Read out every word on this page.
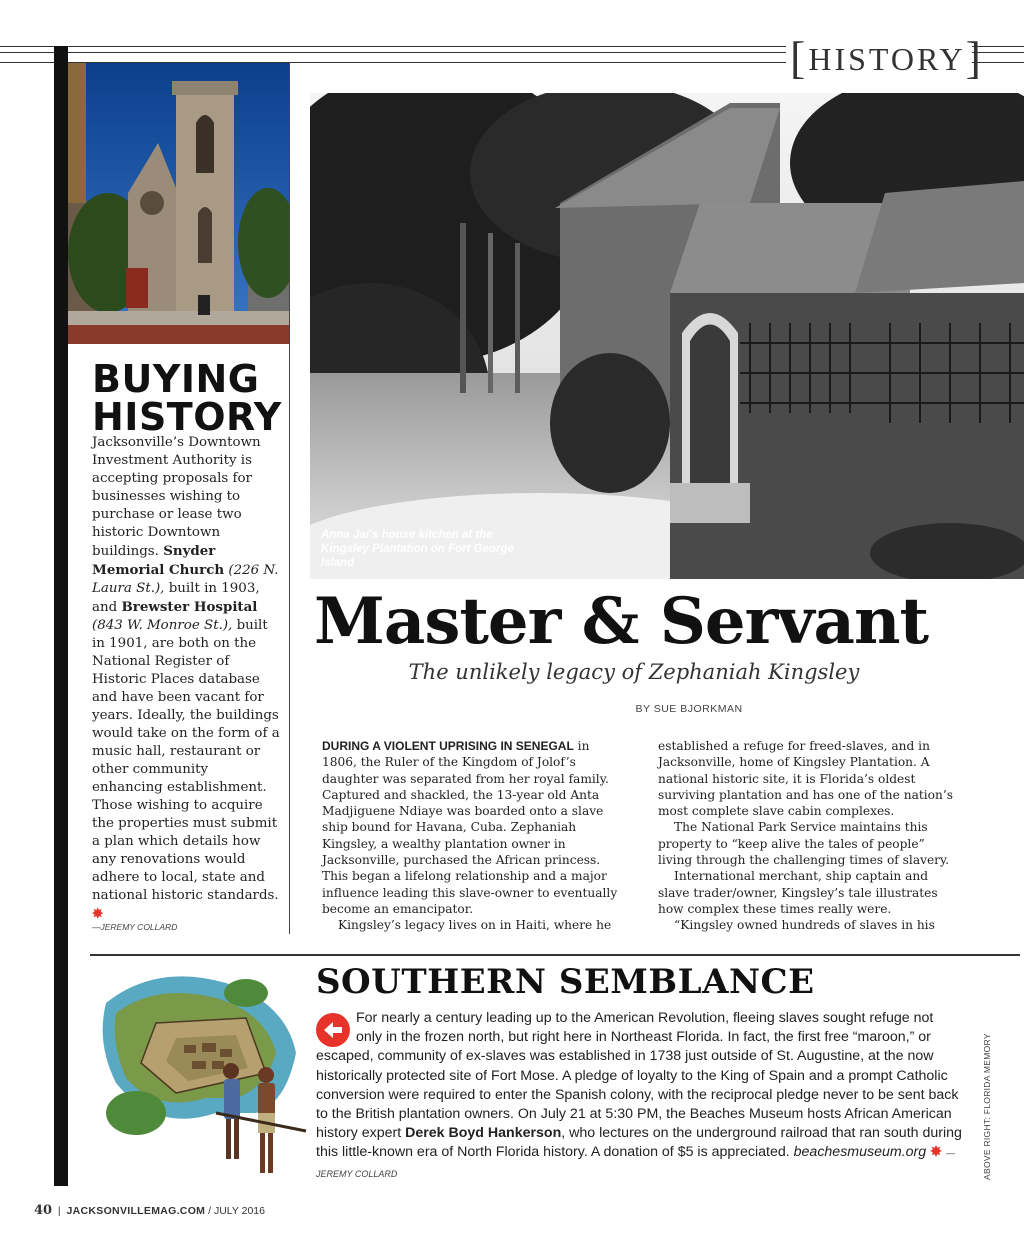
[HISTORY]
Anna Jai’s house kitchen at the Kingsley Plantation on Fort George Island
BUYING
HISTORY
Jacksonville’s Downtown Investment Authority is accepting proposals for businesses wishing to purchase or lease two historic Downtown buildings. Snyder Memorial Church (226 N. Laura St.), built in 1903, and Brewster Hospital (843 W. Monroe St.), built in 1901, are both on the National Register of Historic Places database and have been vacant for years. Ideally, the buildings would take on the form of a music hall, restaurant or other community enhancing establishment. Those wishing to acquire the properties must submit a plan which details how any renovations would adhere to local, state and national historic standards. ✸
—JEREMY COLLARD
Master & Servant
The unlikely legacy of Zephaniah Kingsley
BY SUE BJORKMAN

DURING A VIOLENT UPRISING IN SENEGAL in 1806, the Ruler of the Kingdom of Jolof’s daughter was separated from her royal family. Captured and shackled, the 13-year old Anta Madjiguene Ndiaye was boarded onto a slave ship bound for Havana, Cuba. Zephaniah Kingsley, a wealthy plantation owner in Jacksonville, purchased the African princess. This began a lifelong relationship and a major influence leading this slave-owner to eventually become an emancipator.

Kingsley’s legacy lives on in Haiti, where he

established a refuge for freed-slaves, and in Jacksonville, home of Kingsley Plantation. A national historic site, it is Florida’s oldest surviving plantation and has one of the nation’s most complete slave cabin complexes.

The National Park Service maintains this property to “keep alive the tales of people” living through the challenging times of slavery.

International merchant, ship captain and slave trader/owner, Kingsley’s tale illustrates how complex these times really were.

“Kingsley owned hundreds of slaves in his

SOUTHERN SEMBLANCE
For nearly a century leading up to the American Revolution, fleeing slaves sought refuge not only in the frozen north, but right here in Northeast Florida. In fact, the first free “maroon,” or escaped, community of ex-slaves was established in 1738 just outside of St. Augustine, at the now historically protected site of Fort Mose. A pledge of loyalty to the King of Spain and a prompt Catholic conversion were required to enter the Spanish colony, with the reciprocal pledge never to be sent back to the British plantation owners. On July 21 at 5:30 PM, the Beaches Museum hosts African American history expert Derek Boyd Hankerson, who lectures on the underground railroad that ran south during this little-known era of North Florida history. A donation of $5 is appreciated. beachesmuseum.org ✸ —JEREMY COLLARD	ABOVE RIGHT: FLORIDA MEMORY
40  |  JACKSONVILLEMAG.COM / JULY 2016
